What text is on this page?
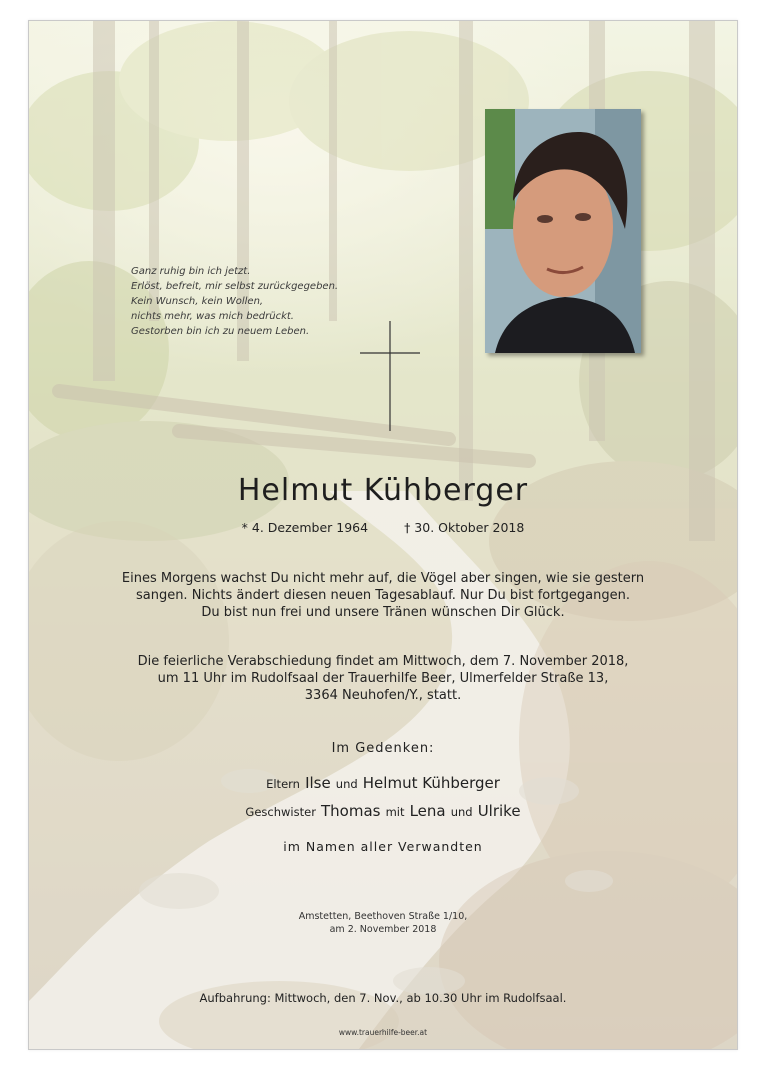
Ganz ruhig bin ich jetzt.
Erlöst, befreit, mir selbst zurückgegeben.
Kein Wunsch, kein Wollen,
nichts mehr, was mich bedrückt.
Gestorben bin ich zu neuem Leben.
Helmut Kühberger
* 4. Dezember 1964	† 30. Oktober 2018
Eines Morgens wachst Du nicht mehr auf, die Vögel aber singen, wie sie gestern
sangen. Nichts ändert diesen neuen Tagesablauf. Nur Du bist fortgegangen.
Du bist nun frei und unsere Tränen wünschen Dir Glück.
Die feierliche Verabschiedung findet am Mittwoch, dem 7. November 2018,
um 11 Uhr im Rudolfsaal der Trauerhilfe Beer, Ulmerfelder Straße 13,
3364 Neuhofen/Y., statt.
Im Gedenken:
Eltern Ilse und Helmut Kühberger
Geschwister Thomas mit Lena und Ulrike
im Namen aller Verwandten
Amstetten, Beethoven Straße 1/10,
am 2. November 2018
Aufbahrung: Mittwoch, den 7. Nov., ab 10.30 Uhr im Rudolfsaal.
www.trauerhilfe-beer.at
